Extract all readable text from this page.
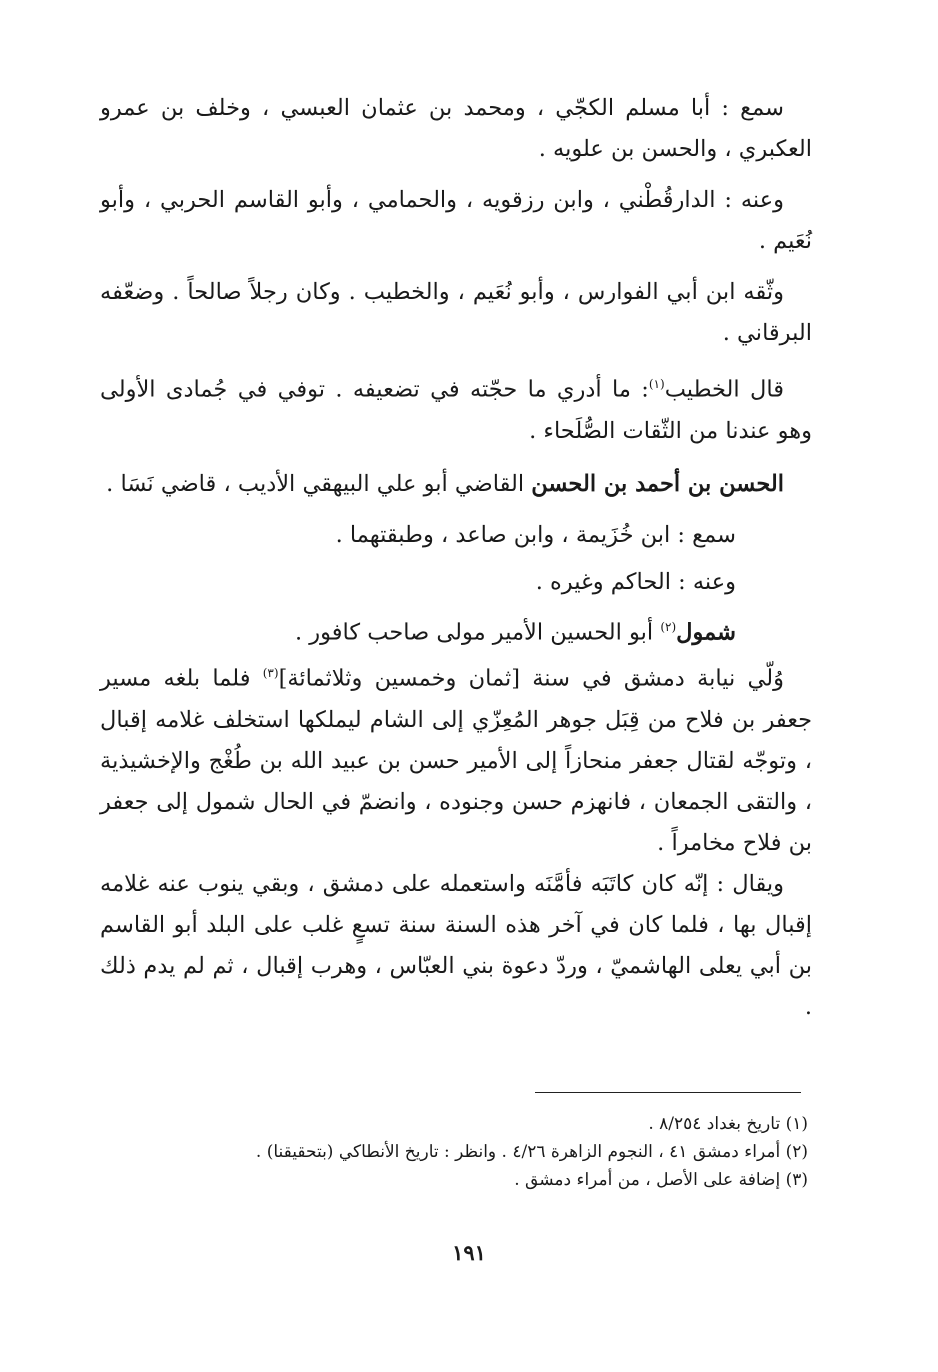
سمع : أبا مسلم الكجّي ، ومحمد بن عثمان العبسي ، وخلف بن عمرو العكبري ، والحسن بن علويه .

وعنه : الدارقُطْني ، وابن رزقويه ، والحمامي ، وأبو القاسم الحربي ، وأبو نُعَيم .

وثّقه ابن أبي الفوارس ، وأبو نُعَيم ، والخطيب . وكان رجلاً صالحاً . وضعّفه البرقاني .

قال الخطيب$^{(١)}$: ما أدري ما حجّته في تضعيفه . توفي في جُمادى الأولى وهو عندنا من الثّقات الصُّلَحاء .

الحسن بن أحمد بن الحسن القاضي أبو علي البيهقي الأديب ، قاضي نَسَا .

سمع : ابن خُزَيمة ، وابن صاعد ، وطبقتهما .

وعنه : الحاكم وغيره .

شمول$^{(٢)}$ أبو الحسين الأمير مولى صاحب كافور .

وُلّي نيابة دمشق في سنة [ثمان وخمسين وثلاثمائة]$^{(٣)}$ فلما بلغه مسير جعفر بن فلاح من قِبَل جوهر المُعِزّي إلى الشام ليملكها استخلف غلامه إقبال ، وتوجّه لقتال جعفر منحازاً إلى الأمير حسن بن عبيد الله بن طُغْج والإخشيذية ، والتقى الجمعان ، فانهزم حسن وجنوده ، وانضمّ في الحال شمول إلى جعفر بن فلاح مخامراً .

ويقال : إنّه كان كاتَبَه فأمَّنَه واستعمله على دمشق ، وبقي ينوب عنه غلامه إقبال بها ، فلما كان في آخر هذه السنة سنة تسعٍ غلب على البلد أبو القاسم بن أبي يعلى الهاشميّ ، وردّ دعوة بني العبّاس ، وهرب إقبال ، ثم لم يدم ذلك .

(١) تاريخ بغداد ٨/٢٥٤ .

(٢) أمراء دمشق ٤١ ، النجوم الزاهرة ٤/٢٦ . وانظر : تاريخ الأنطاكي (بتحقيقنا) .

(٣) إضافة على الأصل ، من أمراء دمشق .

١٩١
